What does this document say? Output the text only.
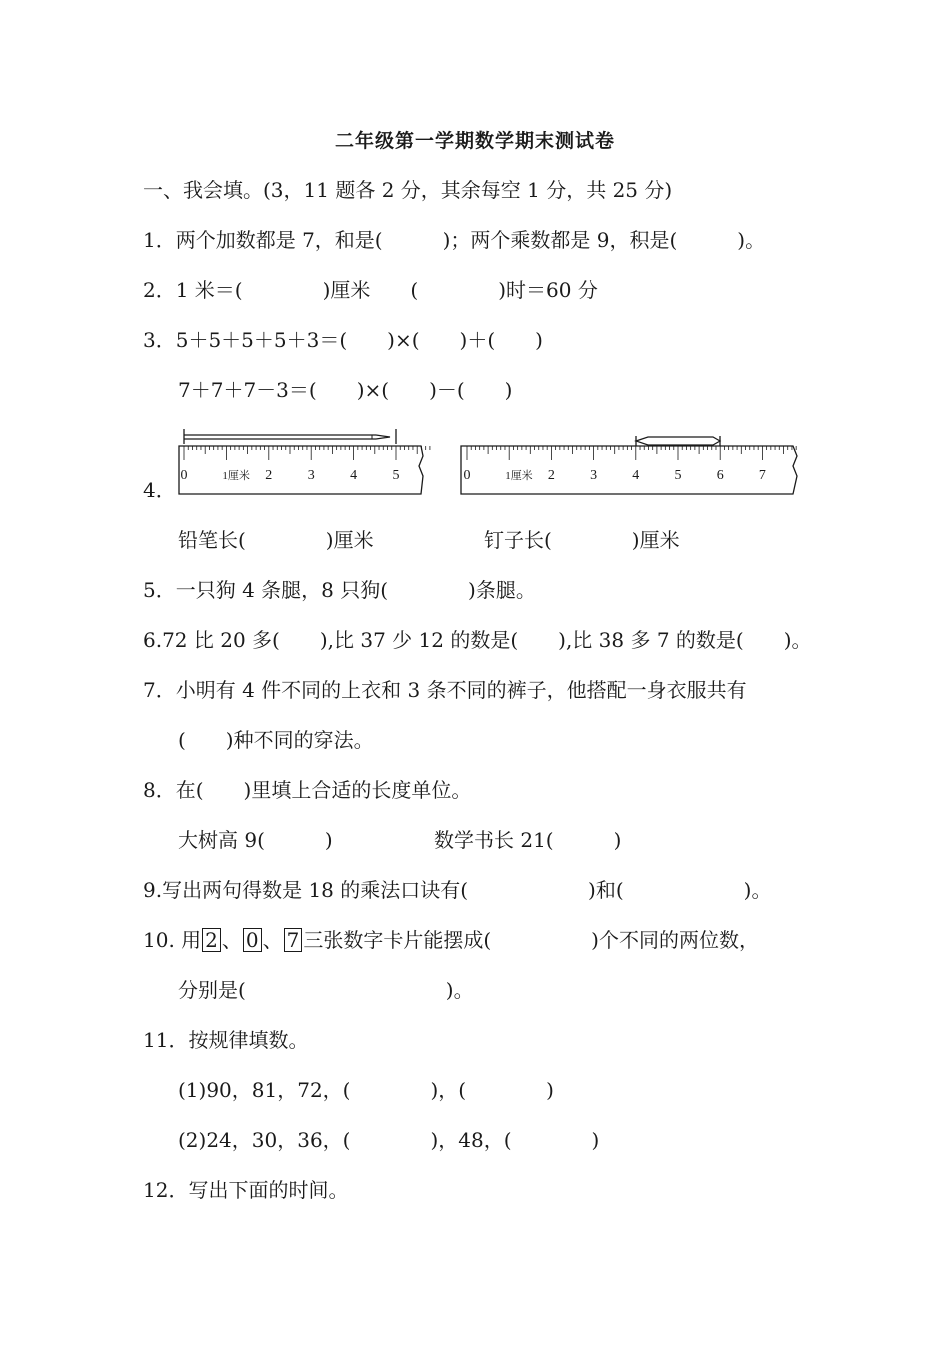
二年级第一学期数学期末测试卷
一、我会填。(3，11 题各 2 分，其余每空 1 分，共 25 分)
1．两个加数都是 7，和是(　　　)；两个乘数都是 9，积是(　　　)。
2．1 米＝(　　　　)厘米　　(　　　　)时＝60 分
3．5＋5＋5＋5＋3＝(　　)×(　　)＋(　　)
7＋7＋7－3＝(　　)×(　　)－(　　)
4．
0	1厘米 2	3	4	5	0	1厘米 2	3	4	5	6	7
铅笔长(　　　　)厘米	钉子长(　　　　)厘米
5．一只狗 4 条腿，8 只狗(　　　　)条腿。
6.72 比 20 多(　　),比 37 少 12 的数是(　　),比 38 多 7 的数是(　　)。
7．小明有 4 件不同的上衣和 3 条不同的裤子，他搭配一身衣服共有
(　　)种不同的穿法。
8．在(　　)里填上合适的长度单位。
大树高 9(　　　)	数学书长 21(　　　)
9.写出两句得数是 18 的乘法口诀有(　　　　　　)和(　　　　　　)。
10. 用 2 、 0 、 7 三张数字卡片能摆成(　　　　　)个不同的两位数，
分别是(　　　　　　　　　　)。
11．按规律填数。
(1)90，81，72，(　　　　)，(　　　　)
(2)24，30，36，(　　　　)，48，(　　　　)
12．写出下面的时间。
